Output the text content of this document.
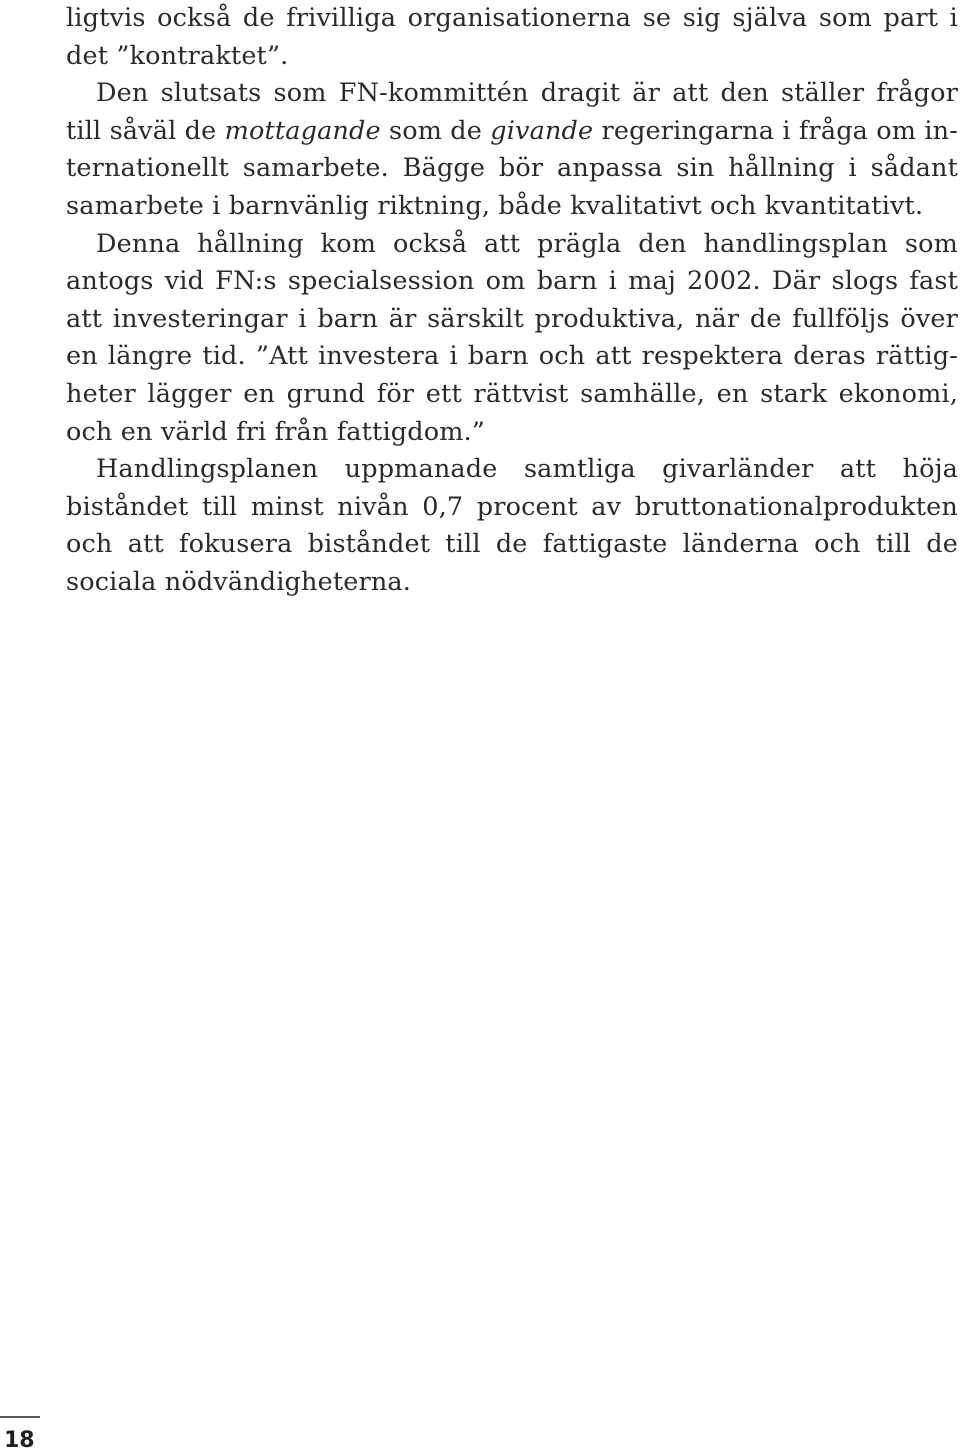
ligtvis också de frivilliga organisationerna se sig själva som part i
det ”kontraktet”.
Den slutsats som FN-kommittén dragit är att den ställer frågor
till såväl de mottagande som de givande regeringarna i fråga om in-
ternationellt samarbete. Bägge bör anpassa sin hållning i sådant
samarbete i barnvänlig riktning, både kvalitativt och kvantitativt.
Denna hållning kom också att prägla den handlingsplan som
antogs vid FN:s specialsession om barn i maj 2002. Där slogs fast
att investeringar i barn är särskilt produktiva, när de fullföljs över
en längre tid. ”Att investera i barn och att respektera deras rättig-
heter lägger en grund för ett rättvist samhälle, en stark ekonomi,
och en värld fri från fattigdom.”
Handlingsplanen uppmanade samtliga givarländer att höja
biståndet till minst nivån 0,7 procent av bruttonationalprodukten
och att fokusera biståndet till de fattigaste länderna och till de
sociala nödvändigheterna.
18
